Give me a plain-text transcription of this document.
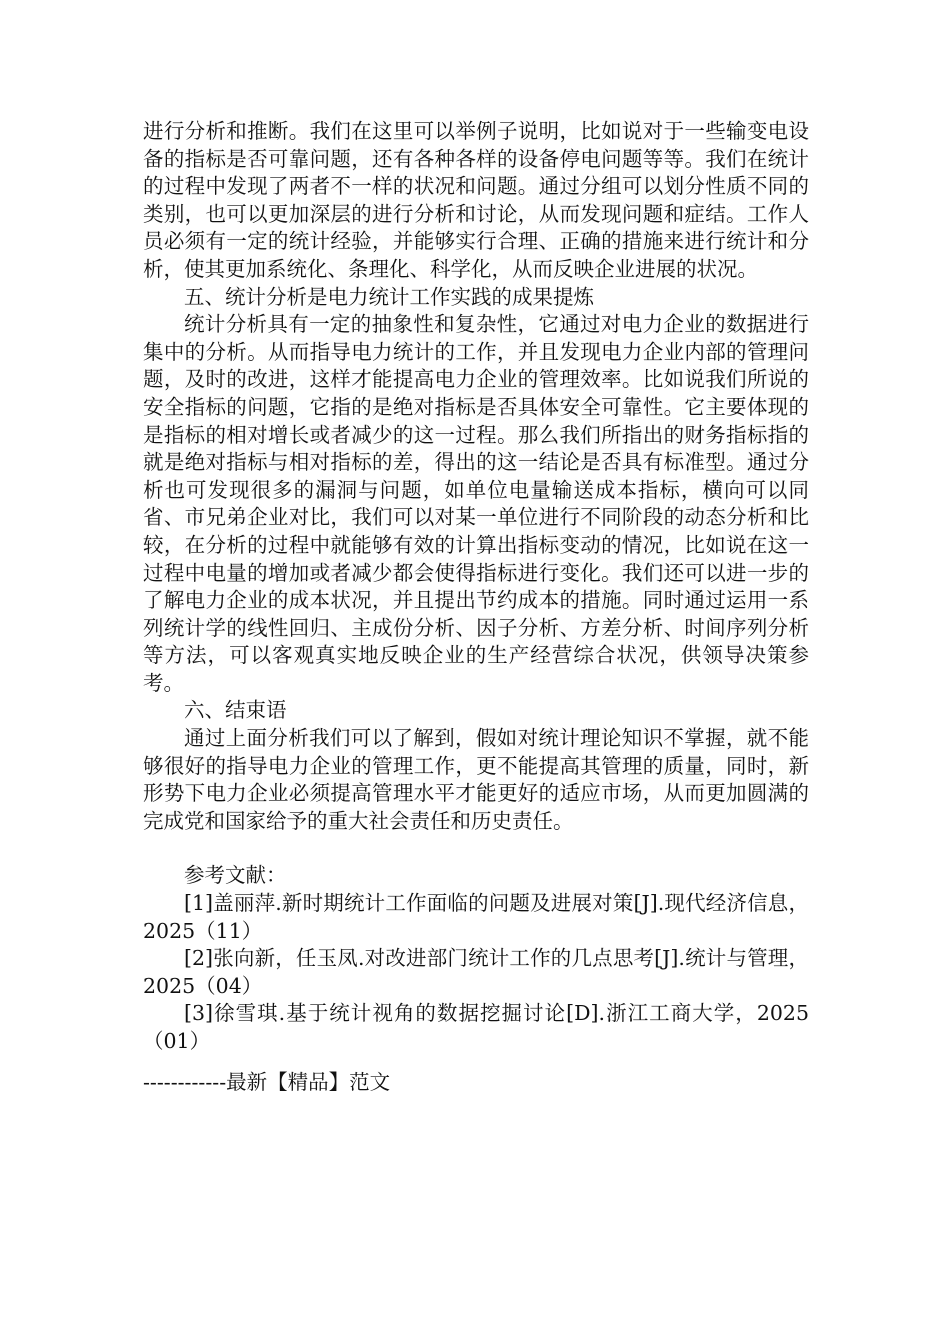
进行分析和推断。我们在这里可以举例子说明，比如说对于一些输变电设备的指标是否可靠问题，还有各种各样的设备停电问题等等。我们在统计的过程中发现了两者不一样的状况和问题。通过分组可以划分性质不同的类别，也可以更加深层的进行分析和讨论，从而发现问题和症结。工作人员必须有一定的统计经验，并能够实行合理、正确的措施来进行统计和分析，使其更加系统化、条理化、科学化，从而反映企业进展的状况。

五、统计分析是电力统计工作实践的成果提炼

统计分析具有一定的抽象性和复杂性，它通过对电力企业的数据进行集中的分析。从而指导电力统计的工作，并且发现电力企业内部的管理问题，及时的改进，这样才能提高电力企业的管理效率。比如说我们所说的安全指标的问题，它指的是绝对指标是否具体安全可靠性。它主要体现的是指标的相对增长或者减少的这一过程。那么我们所指出的财务指标指的就是绝对指标与相对指标的差，得出的这一结论是否具有标准型。通过分析也可发现很多的漏洞与问题，如单位电量输送成本指标，横向可以同省、市兄弟企业对比，我们可以对某一单位进行不同阶段的动态分析和比较，在分析的过程中就能够有效的计算出指标变动的情况，比如说在这一过程中电量的增加或者减少都会使得指标进行变化。我们还可以进一步的了解电力企业的成本状况，并且提出节约成本的措施。同时通过运用一系列统计学的线性回归、主成份分析、因子分析、方差分析、时间序列分析等方法，可以客观真实地反映企业的生产经营综合状况，供领导决策参考。

六、结束语

通过上面分析我们可以了解到，假如对统计理论知识不掌握，就不能够很好的指导电力企业的管理工作，更不能提高其管理的质量，同时，新形势下电力企业必须提高管理水平才能更好的适应市场，从而更加圆满的完成党和国家给予的重大社会责任和历史责任。

参考文献：

[1]盖丽萍.新时期统计工作面临的问题及进展对策[J].现代经济信息，2025（11）

[2]张向新，任玉凤.对改进部门统计工作的几点思考[J].统计与管理，2025（04）

[3]徐雪琪.基于统计视角的数据挖掘讨论[D].浙江工商大学，2025（01）

------------最新【精品】范文
